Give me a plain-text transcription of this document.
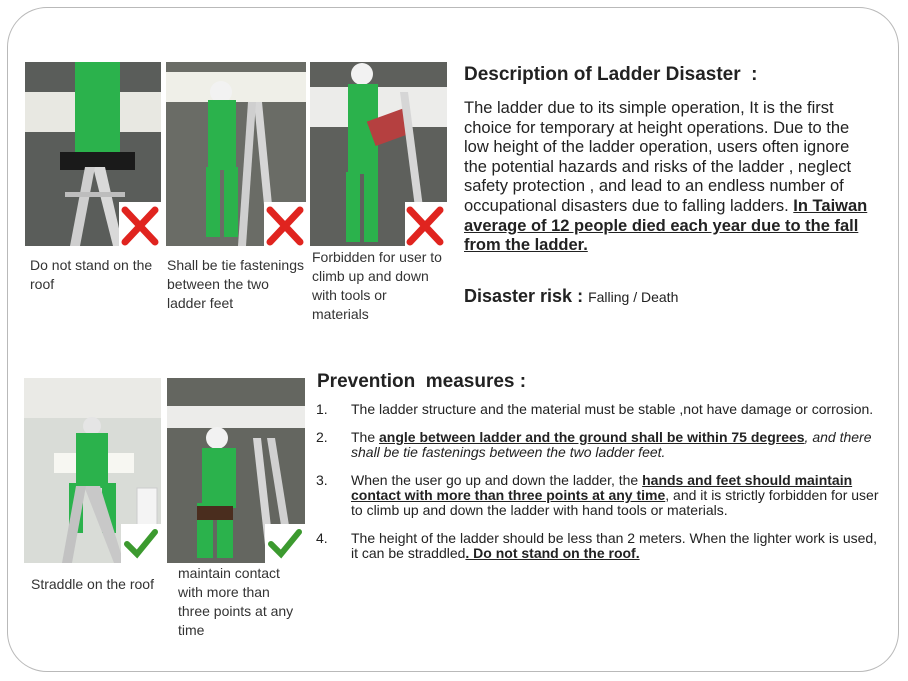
Do not stand on the roof
Shall be tie fastenings between the two ladder feet
Forbidden for user to climb up and down with tools or materials
Straddle on the roof
maintain contact with more than three points at any time
Description of Ladder Disaster  :
The ladder due to its simple operation, It is the first choice for temporary at height operations. Due to the low height of the ladder operation, users often ignore the potential hazards and risks of the ladder , neglect safety protection , and lead to an endless number of occupational disasters due to falling ladders. In Taiwan average of 12 people died each year due to the fall from the ladder.
Disaster risk : Falling / Death
Prevention  measures :
1. The ladder structure and the material must be stable ,not have damage or corrosion.
2. The angle between ladder and the ground shall be within 75 degrees, and there shall be tie fastenings between the two ladder feet.
3. When the user go up and down the ladder, the hands and feet should maintain contact with more than three points at any time, and it is strictly forbidden for user to climb up and down the ladder with hand tools or materials.
4. The height of the ladder should be less than 2 meters. When the lighter work is used, it can be straddled. Do not stand on the roof.
